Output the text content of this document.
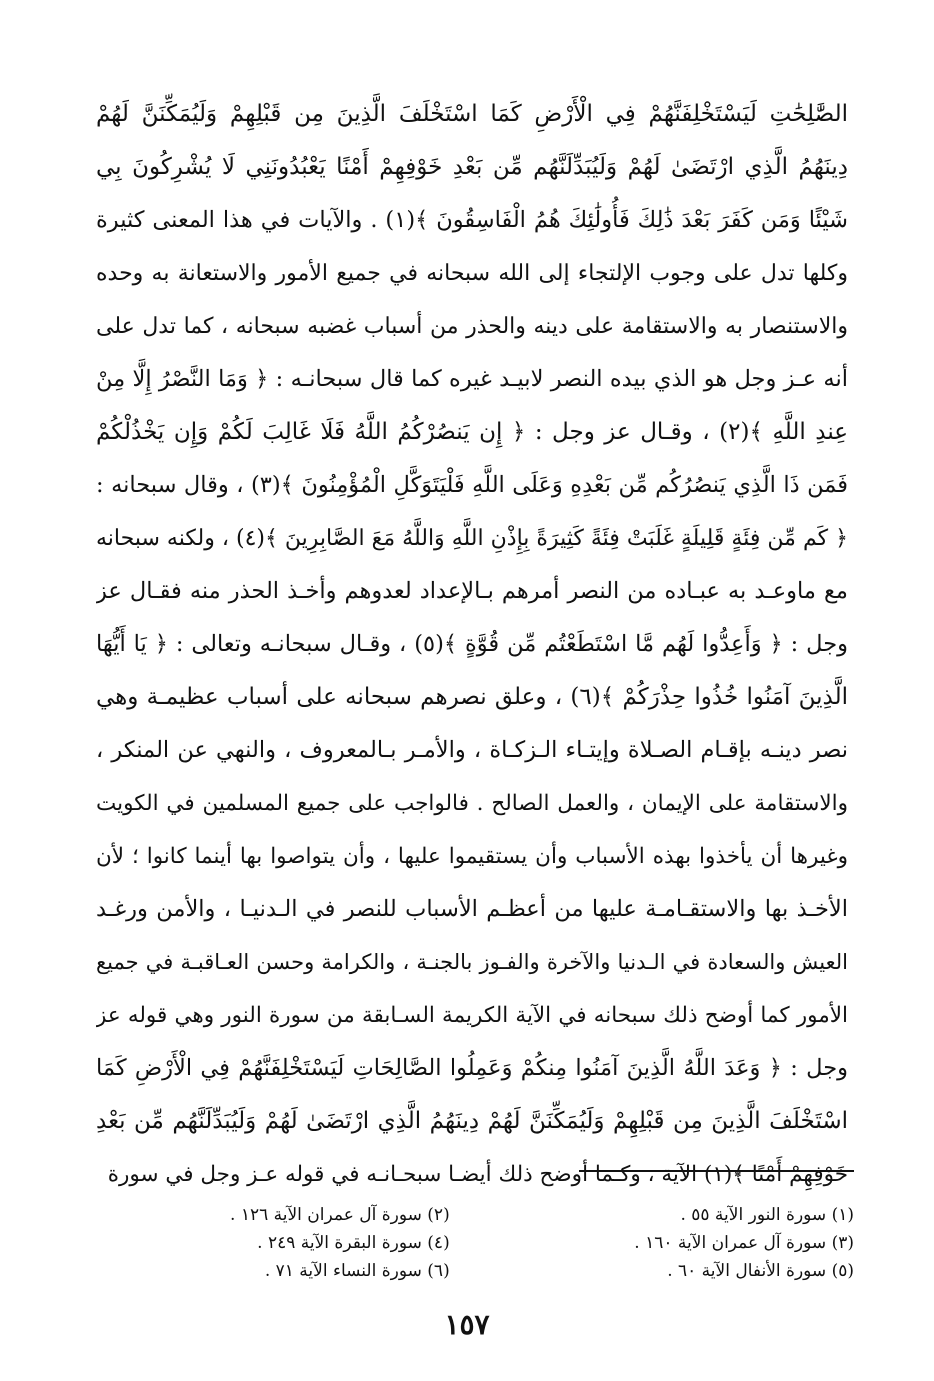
الصَّٰلِحَٰتِ لَيَسْتَخْلِفَنَّهُمْ فِي الْأَرْضِ كَمَا اسْتَخْلَفَ الَّذِينَ مِن قَبْلِهِمْ وَلَيُمَكِّنَنَّ لَهُمْ
دِينَهُمُ الَّذِي ارْتَضَىٰ لَهُمْ وَلَيُبَدِّلَنَّهُم مِّن بَعْدِ خَوْفِهِمْ أَمْنًا يَعْبُدُونَنِي لَا يُشْرِكُونَ بِي
شَيْئًا وَمَن كَفَرَ بَعْدَ ذَٰلِكَ فَأُولَٰئِكَ هُمُ الْفَاسِقُونَ ﴾(١) . والآيات في هذا المعنى كثيرة
وكلها تدل على وجوب الإلتجاء إلى الله سبحانه في جميع الأمور والاستعانة به وحده
والاستنصار به والاستقامة على دينه والحذر من أسباب غضبه سبحانه ، كما تدل على
أنه عـز وجل هو الذي بيده النصر لابيـد غيره كما قال سبحانـه : ﴿ وَمَا النَّصْرُ إِلَّا مِنْ
عِندِ اللَّهِ ﴾(٢) ، وقـال عز وجل : ﴿ إِن يَنصُرْكُمُ اللَّهُ فَلَا غَالِبَ لَكُمْ وَإِن يَخْذُلْكُمْ
فَمَن ذَا الَّذِي يَنصُرُكُم مِّن بَعْدِهِ وَعَلَى اللَّهِ فَلْيَتَوَكَّلِ الْمُؤْمِنُونَ ﴾(٣) ، وقال سبحانه :
﴿ كَم مِّن فِئَةٍ قَلِيلَةٍ غَلَبَتْ فِئَةً كَثِيرَةً بِإِذْنِ اللَّهِ وَاللَّهُ مَعَ الصَّابِرِينَ ﴾(٤) ، ولكنه سبحانه
مع ماوعـد به عبـاده من النصر أمرهم بـالإعداد لعدوهم وأخـذ الحذر منه فقـال عز
وجل : ﴿ وَأَعِدُّوا لَهُم مَّا اسْتَطَعْتُم مِّن قُوَّةٍ ﴾(٥) ، وقـال سبحانـه وتعالى : ﴿ يَا أَيُّهَا
الَّذِينَ آمَنُوا خُذُوا حِذْرَكُمْ ﴾(٦) ، وعلق نصرهم سبحانه على أسباب عظيمـة وهي
نصر دينـه بإقـام الصـلاة وإيتـاء الـزكـاة ، والأمـر بـالمعروف ، والنهي عن المنكر ،
والاستقامة على الإيمان ، والعمل الصالح . فالواجب على جميع المسلمين في الكويت
وغيرها أن يأخذوا بهذه الأسباب وأن يستقيموا عليها ، وأن يتواصوا بها أينما كانوا ؛ لأن
الأخـذ بها والاستقـامـة عليها من أعظـم الأسباب للنصر في الـدنيـا ، والأمن ورغـد
العيش والسعادة في الـدنيا والآخرة والفـوز بالجنـة ، والكرامة وحسن العـاقبـة في جميع
الأمور كما أوضح ذلك سبحانه في الآية الكريمة السـابقة من سورة النور وهي قوله عز
وجل : ﴿ وَعَدَ اللَّهُ الَّذِينَ آمَنُوا مِنكُمْ وَعَمِلُوا الصَّالِحَاتِ لَيَسْتَخْلِفَنَّهُمْ فِي الْأَرْضِ كَمَا
اسْتَخْلَفَ الَّذِينَ مِن قَبْلِهِمْ وَلَيُمَكِّنَنَّ لَهُمْ دِينَهُمُ الَّذِي ارْتَضَىٰ لَهُمْ وَلَيُبَدِّلَنَّهُم مِّن بَعْدِ
خَوْفِهِمْ أَمْنًا ﴾(١) الآية ، وكـما أوضح ذلك أيضـا سبحـانـه في قوله عـز وجل في سورة
(١) سورة النور الآية ٥٥ .
(٣) سورة آل عمران الآية ١٦٠ .
(٥) سورة الأنفال الآية ٦٠ .
(٢) سورة آل عمران الآية ١٢٦ .
(٤) سورة البقرة الآية ٢٤٩ .
(٦) سورة النساء الآية ٧١ .
١٥٧
